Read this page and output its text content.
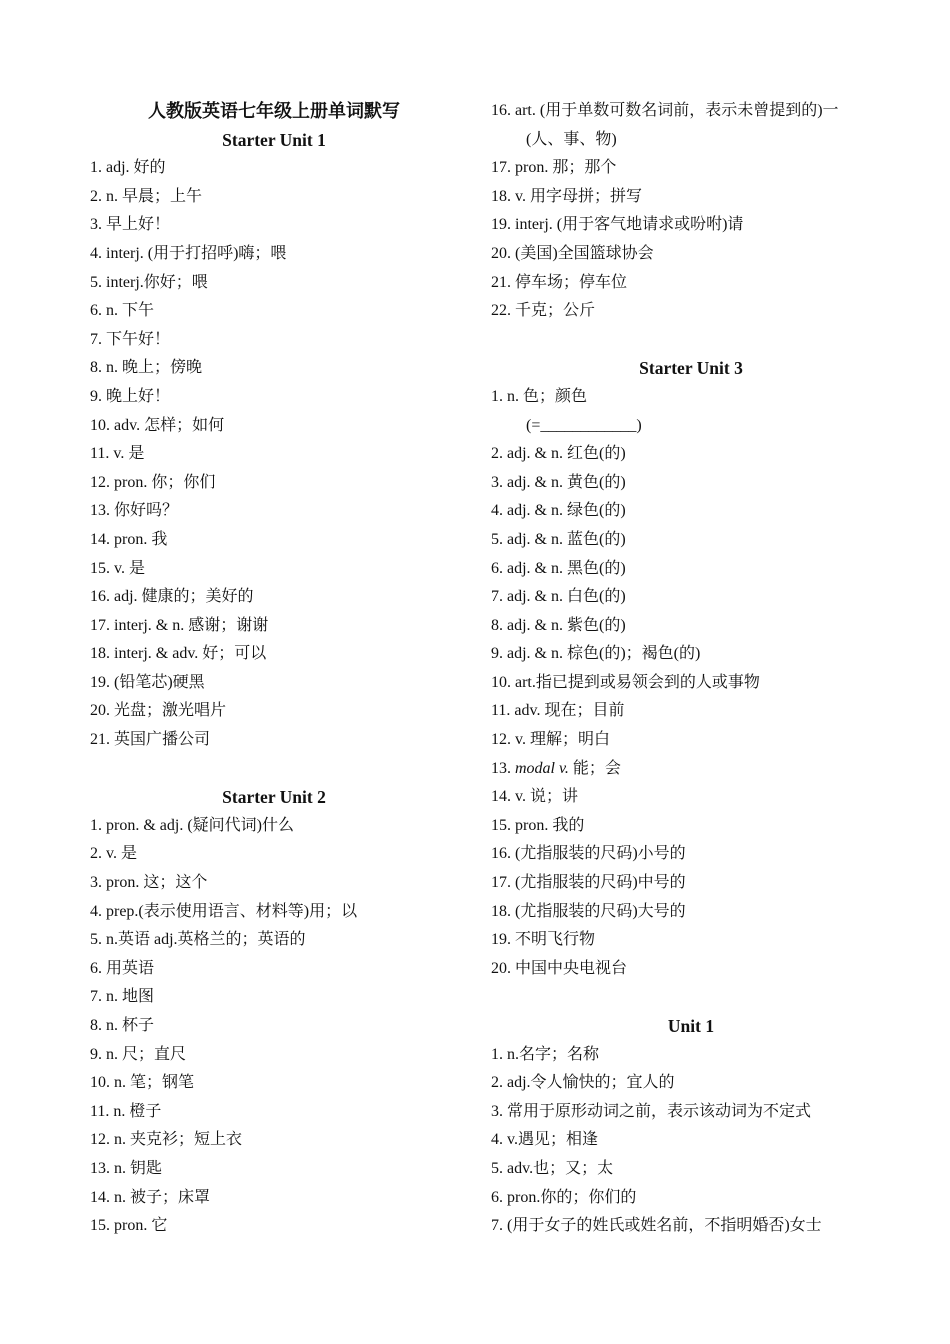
人教版英语七年级上册单词默写
Starter Unit 1
1. adj. 好的
2. n. 早晨；上午
3. 早上好！
4. interj. (用于打招呼)嗨；喂
5. interj.你好；喂
6. n. 下午
7. 下午好！
8. n. 晚上；傍晚
9. 晚上好！
10. adv. 怎样；如何
11. v. 是
12. pron. 你；你们
13. 你好吗？
14. pron. 我
15. v. 是
16. adj. 健康的；美好的
17. interj. & n. 感谢；谢谢
18. interj. & adv. 好；可以
19. (铅笔芯)硬黑
20. 光盘；激光唱片
21. 英国广播公司
Starter Unit 2
1. pron. & adj. (疑问代词)什么
2. v. 是
3. pron. 这；这个
4. prep.(表示使用语言、材料等)用；以
5. n.英语 adj.英格兰的；英语的
6. 用英语
7. n. 地图
8. n. 杯子
9. n. 尺；直尺
10. n. 笔；钢笔
11. n. 橙子
12. n. 夹克衫；短上衣
13. n. 钥匙
14. n. 被子；床罩
15. pron. 它
16. art. (用于单数可数名词前，表示未曾提到的)一
(人、事、物)
17. pron. 那；那个
18. v. 用字母拼；拼写
19. interj. (用于客气地请求或吩咐)请
20. (美国)全国篮球协会
21. 停车场；停车位
22. 千克；公斤
Starter Unit 3
1. n. 色；颜色
(=____________)
2. adj. & n. 红色(的)
3. adj. & n. 黄色(的)
4. adj. & n. 绿色(的)
5. adj. & n. 蓝色(的)
6. adj. & n. 黑色(的)
7. adj. & n. 白色(的)
8. adj. & n. 紫色(的)
9. adj. & n. 棕色(的)；褐色(的)
10. art.指已提到或易领会到的人或事物
11. adv. 现在；目前
12. v. 理解；明白
13. modal v. 能；会
14. v. 说；讲
15. pron. 我的
16. (尤指服装的尺码)小号的
17. (尤指服装的尺码)中号的
18. (尤指服装的尺码)大号的
19. 不明飞行物
20. 中国中央电视台
Unit 1
1. n.名字；名称
2. adj.令人愉快的；宜人的
3. 常用于原形动词之前，表示该动词为不定式
4. v.遇见；相逢
5. adv.也；又；太
6. pron.你的；你们的
7. (用于女子的姓氏或姓名前，不指明婚否)女士
